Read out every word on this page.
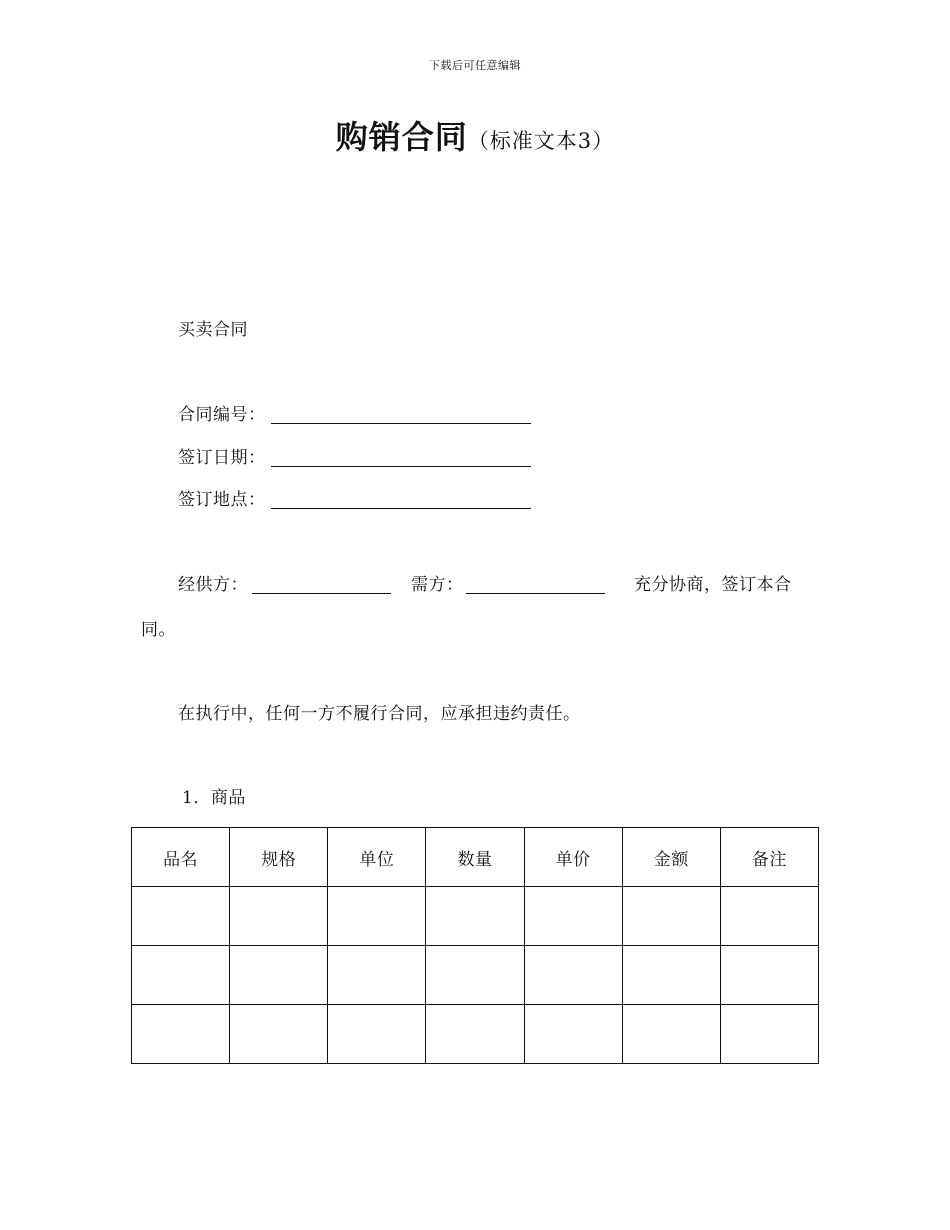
下载后可任意编辑
购销合同（标准文本3）
买卖合同
合同编号：
签订日期：
签订地点：
经供方：	需方：	充分协商，签订本合
同。
在执行中，任何一方不履行合同，应承担违约责任。
1．商品
品名	规格	单位	数量	单价	金额	备注
